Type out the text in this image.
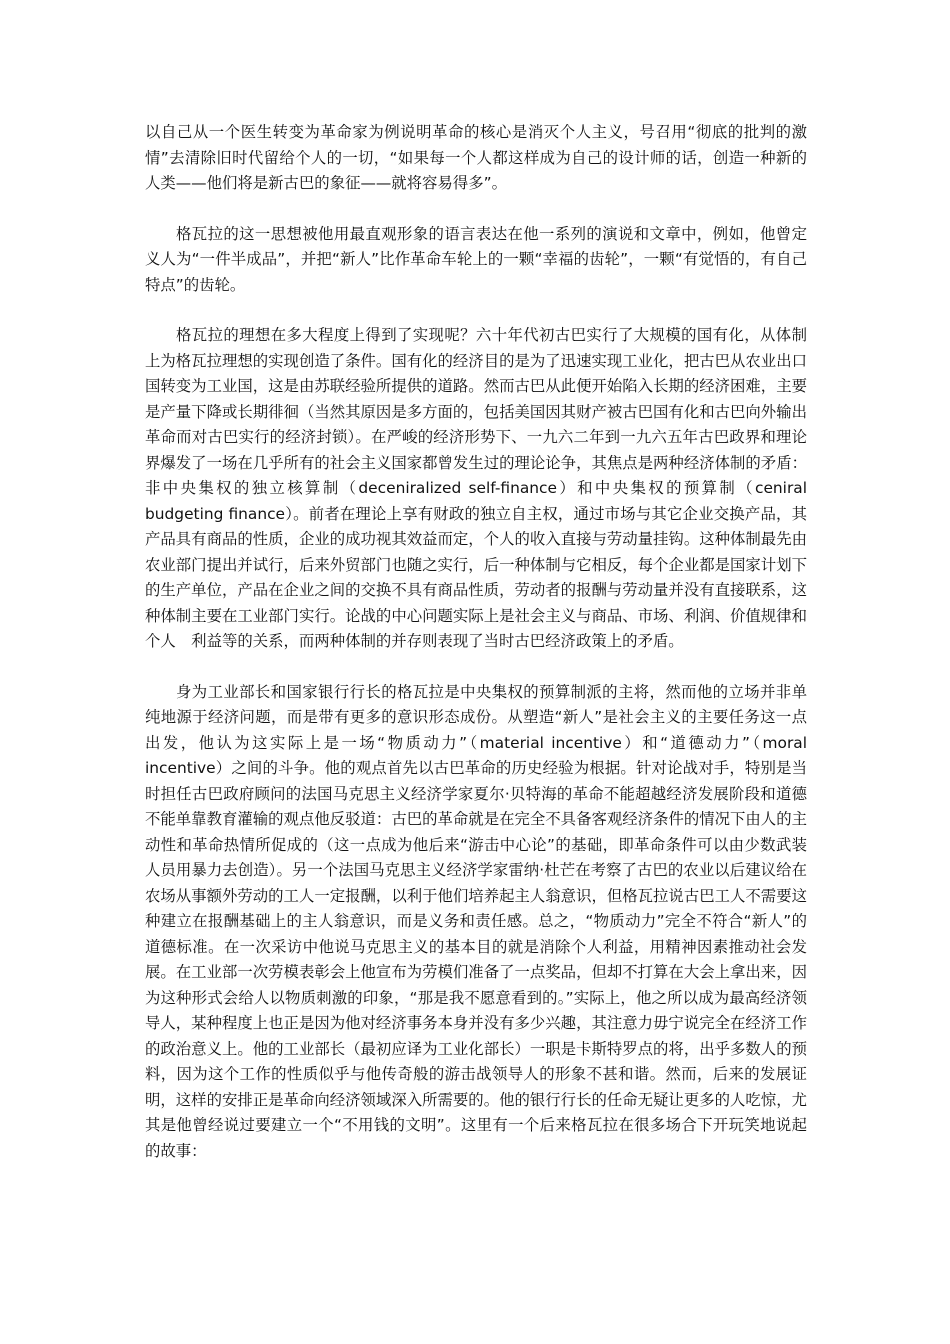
以自己从一个医生转变为革命家为例说明革命的核心是消灭个人主义，号召用“彻底的批判的激情”去清除旧时代留给个人的一切，“如果每一个人都这样成为自己的设计师的话，创造一种新的人类——他们将是新古巴的象征——就将容易得多”。

格瓦拉的这一思想被他用最直观形象的语言表达在他一系列的演说和文章中，例如，他曾定义人为“一件半成品”，并把“新人”比作革命车轮上的一颗“幸福的齿轮”，一颗“有觉悟的，有自己特点”的齿轮。

格瓦拉的理想在多大程度上得到了实现呢？六十年代初古巴实行了大规模的国有化，从体制上为格瓦拉理想的实现创造了条件。国有化的经济目的是为了迅速实现工业化，把古巴从农业出口国转变为工业国，这是由苏联经验所提供的道路。然而古巴从此便开始陷入长期的经济困难，主要是产量下降或长期徘徊（当然其原因是多方面的，包括美国因其财产被古巴国有化和古巴向外输出革命而对古巴实行的经济封锁）。在严峻的经济形势下、一九六二年到一九六五年古巴政界和理论界爆发了一场在几乎所有的社会主义国家都曾发生过的理论论争，其焦点是两种经济体制的矛盾：非中央集权的独立核算制（deceniralized self-finance）和中央集权的预算制（ceniral budgeting finance）。前者在理论上享有财政的独立自主权，通过市场与其它企业交换产品，其产品具有商品的性质，企业的成功视其效益而定，个人的收入直接与劳动量挂钩。这种体制最先由农业部门提出并试行，后来外贸部门也随之实行，后一种体制与它相反，每个企业都是国家计划下的生产单位，产品在企业之间的交换不具有商品性质，劳动者的报酬与劳动量并没有直接联系，这种体制主要在工业部门实行。论战的中心问题实际上是社会主义与商品、市场、利润、价值规律和个人　利益等的关系，而两种体制的并存则表现了当时古巴经济政策上的矛盾。

身为工业部长和国家银行行长的格瓦拉是中央集权的预算制派的主将，然而他的立场并非单纯地源于经济问题，而是带有更多的意识形态成份。从塑造“新人”是社会主义的主要任务这一点出发，他认为这实际上是一场“物质动力”（material incentive）和“道德动力”（moral incentive）之间的斗争。他的观点首先以古巴革命的历史经验为根据。针对论战对手，特别是当时担任古巴政府顾问的法国马克思主义经济学家夏尔·贝特海的革命不能超越经济发展阶段和道德不能单靠教育灌输的观点他反驳道：古巴的革命就是在完全不具备客观经济条件的情况下由人的主动性和革命热情所促成的（这一点成为他后来“游击中心论”的基础，即革命条件可以由少数武装人员用暴力去创造）。另一个法国马克思主义经济学家雷纳·杜芒在考察了古巴的农业以后建议给在农场从事额外劳动的工人一定报酬，以利于他们培养起主人翁意识，但格瓦拉说古巴工人不需要这种建立在报酬基础上的主人翁意识，而是义务和责任感。总之，“物质动力”完全不符合“新人”的道德标准。在一次采访中他说马克思主义的基本目的就是消除个人利益，用精神因素推动社会发展。在工业部一次劳模表彰会上他宣布为劳模们准备了一点奖品，但却不打算在大会上拿出来，因为这种形式会给人以物质刺激的印象，“那是我不愿意看到的。”实际上，他之所以成为最高经济领导人，某种程度上也正是因为他对经济事务本身并没有多少兴趣，其注意力毋宁说完全在经济工作的政治意义上。他的工业部长（最初应译为工业化部长）一职是卡斯特罗点的将，出乎多数人的预料，因为这个工作的性质似乎与他传奇般的游击战领导人的形象不甚和谐。然而，后来的发展证明，这样的安排正是革命向经济领域深入所需要的。他的银行行长的任命无疑让更多的人吃惊，尤其是他曾经说过要建立一个“不用钱的文明”。这里有一个后来格瓦拉在很多场合下开玩笑地说起的故事：
